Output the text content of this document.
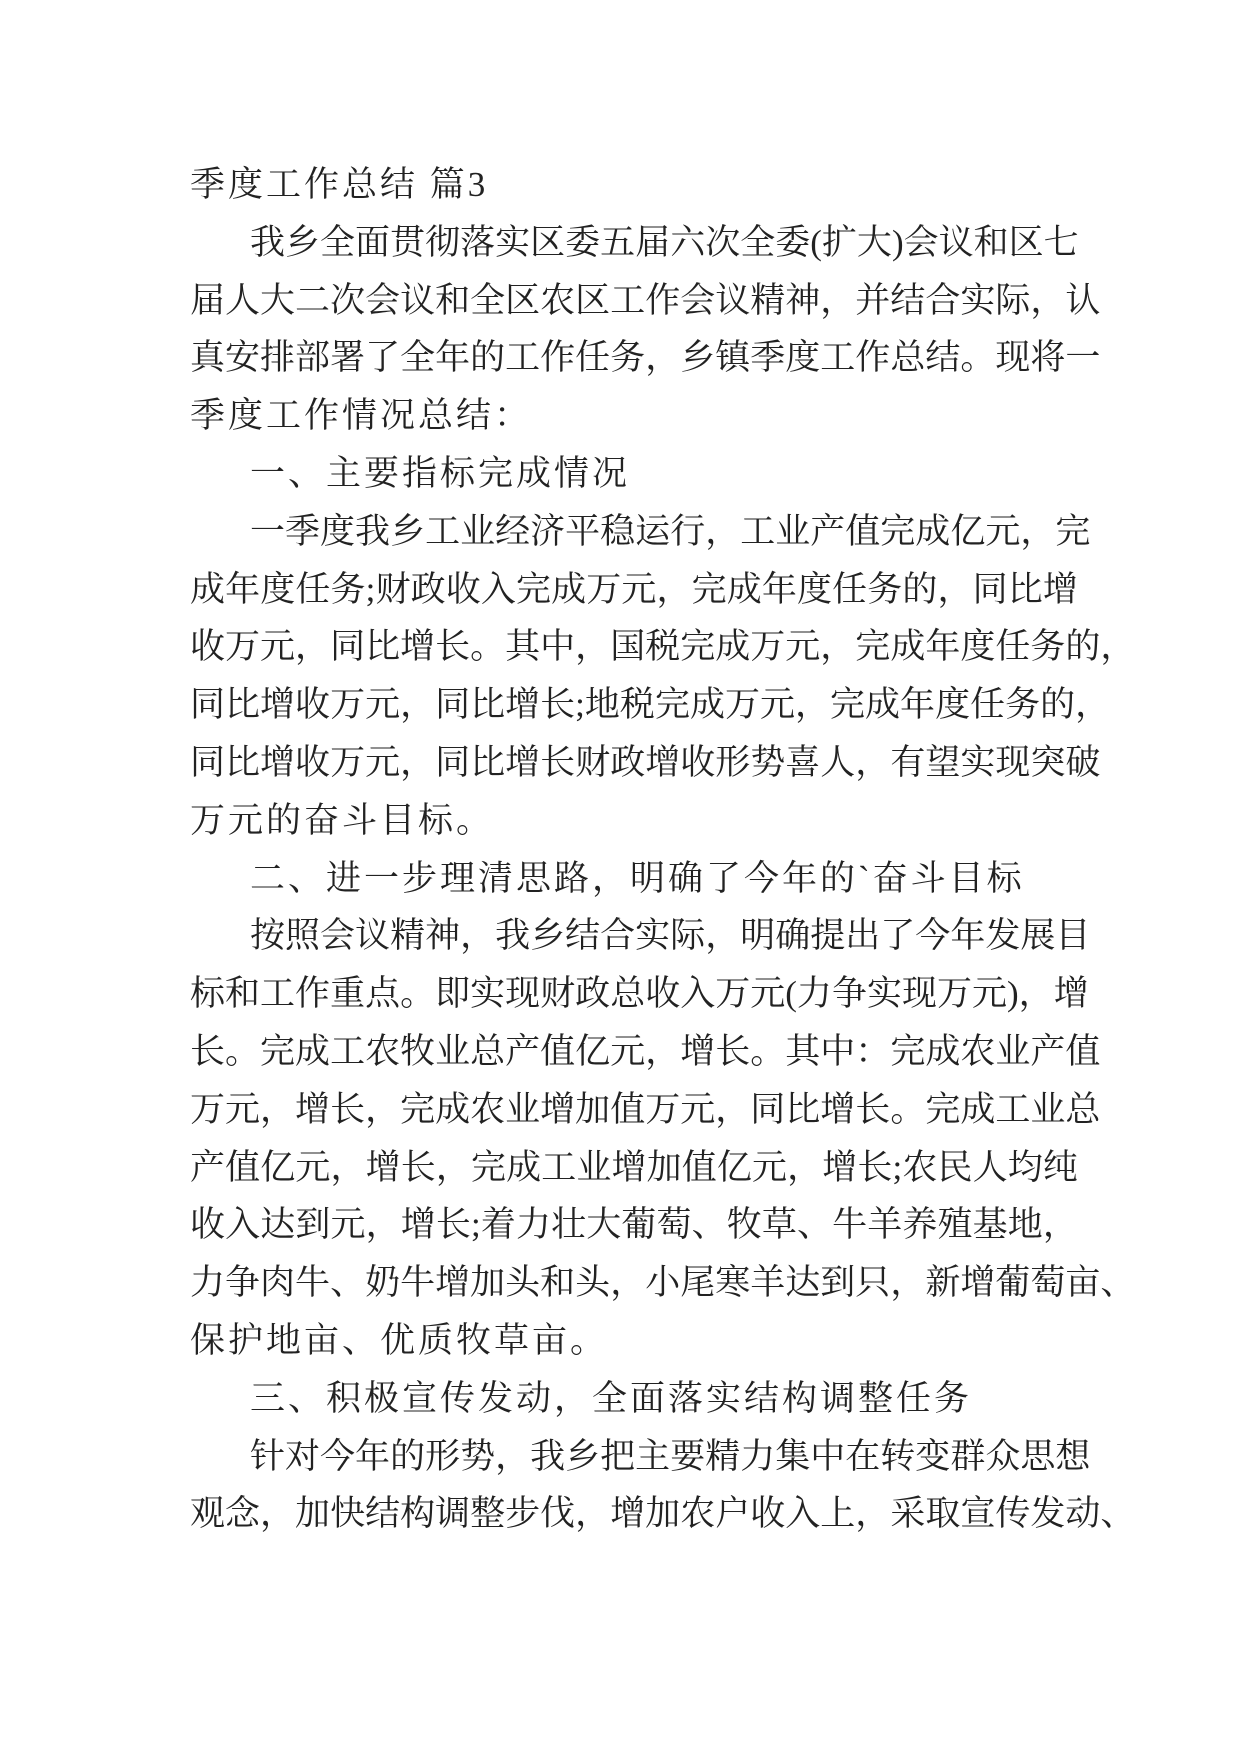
季度工作总结 篇3
我 乡 全 面 贯 彻 落 实 区 委 五 届 六 次 全 委 ( 扩 大 ) 会 议 和 区 七
届 人 大 二 次 会 议 和 全 区 农 区 工 作 会 议 精 神 ， 并 结 合 实 际 ， 认
真 安 排 部 署 了 全 年 的 工 作 任 务 ， 乡 镇 季 度 工 作 总 结 。 现 将 一
季度工作情况总结：
一、主要指标完成情况
一 季 度 我 乡 工 业 经 济 平 稳 运 行 ， 工 业 产 值 完 成 亿 元 ， 完
成 年 度 任 务 ; 财 政 收 入 完 成 万 元 ， 完 成 年 度 任 务 的 ， 同 比 增
收 万 元 ， 同 比 增 长 。 其 中 ， 国 税 完 成 万 元 ， 完 成 年 度 任 务 的 ，
同 比 增 收 万 元 ， 同 比 增 长 ; 地 税 完 成 万 元 ， 完 成 年 度 任 务 的 ，
同 比 增 收 万 元 ， 同 比 增 长 财 政 增 收 形 势 喜 人 ， 有 望 实 现 突 破
万元的奋斗目标。
二、进一步理清思路，明确了今年的`奋斗目标
按 照 会 议 精 神 ， 我 乡 结 合 实 际 ， 明 确 提 出 了 今 年 发 展 目
标 和 工 作 重 点 。 即 实 现 财 政 总 收 入 万 元 ( 力 争 实 现 万 元 ) ， 增
长 。 完 成 工 农 牧 业 总 产 值 亿 元 ， 增 长 。 其 中 ： 完 成 农 业 产 值
万 元 ， 增 长 ， 完 成 农 业 增 加 值 万 元 ， 同 比 增 长 。 完 成 工 业 总
产 值 亿 元 ， 增 长 ， 完 成 工 业 增 加 值 亿 元 ， 增 长 ; 农 民 人 均 纯
收 入 达 到 元 ， 增 长 ; 着 力 壮 大 葡 萄 、 牧 草 、 牛 羊 养 殖 基 地 ，
力 争 肉 牛 、 奶 牛 增 加 头 和 头 ， 小 尾 寒 羊 达 到 只 ， 新 增 葡 萄 亩 、
保护地亩、优质牧草亩。
三、积极宣传发动，全面落实结构调整任务
针 对 今 年 的 形 势 ， 我 乡 把 主 要 精 力 集 中 在 转 变 群 众 思 想
观 念 ， 加 快 结 构 调 整 步 伐 ， 增 加 农 户 收 入 上 ， 采 取 宣 传 发 动 、
